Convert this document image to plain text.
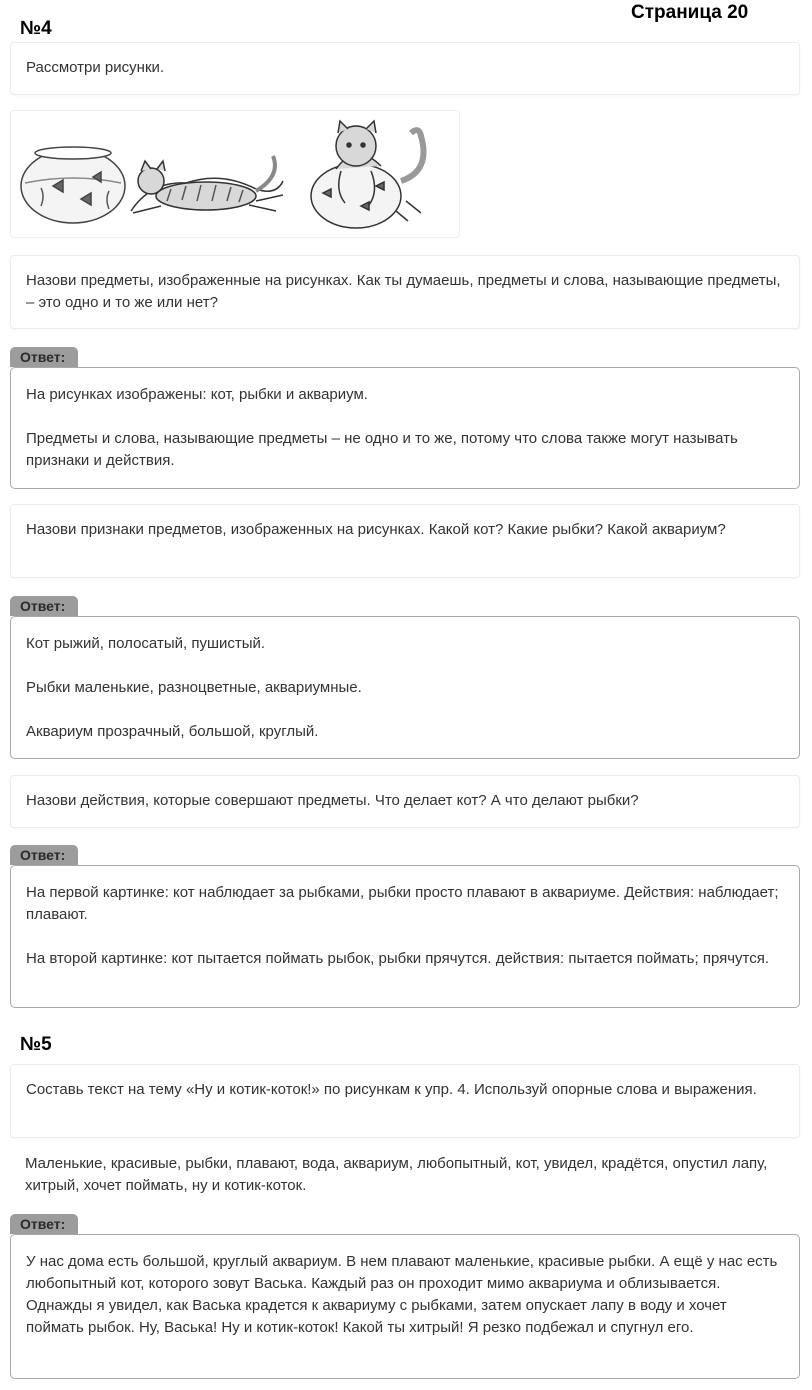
Страница 20
№4
Рассмотри рисунки.
Назови предметы, изображенные на рисунках. Как ты думаешь, предметы и слова, называющие предметы, – это одно и то же или нет?
Ответ:

На рисунках изображены: кот, рыбки и аквариум.

Предметы и слова, называющие предметы – не одно и то же, потому что слова также могут называть признаки и действия.

Назови признаки предметов, изображенных на рисунках. Какой кот? Какие рыбки? Какой аквариум?
Ответ:

Кот рыжий, полосатый, пушистый.

Рыбки маленькие, разноцветные, аквариумные.

Аквариум прозрачный, большой, круглый.

Назови действия, которые совершают предметы. Что делает кот? А что делают рыбки?
Ответ:

На первой картинке: кот наблюдает за рыбками, рыбки просто плавают в аквариуме. Действия: наблюдает; плавают.

На второй картинке: кот пытается поймать рыбок, рыбки прячутся. действия: пытается поймать; прячутся.

№5
Составь текст на тему «Ну и котик-коток!» по рисункам к упр. 4. Используй опорные слова и выражения.
Маленькие, красивые, рыбки, плавают, вода, аквариум, любопытный, кот, увидел, крадётся, опустил лапу, хитрый, хочет поймать, ну и котик-коток.
Ответ:

У нас дома есть большой, круглый аквариум. В нем плавают маленькие, красивые рыбки. А ещё у нас есть любопытный кот, которого зовут Васька. Каждый раз он проходит мимо аквариума и облизывается. Однажды я увидел, как Васька крадется к аквариуму с рыбками, затем опускает лапу в воду и хочет поймать рыбок. Ну, Васька! Ну и котик-коток! Какой ты хитрый! Я резко подбежал и спугнул его.
